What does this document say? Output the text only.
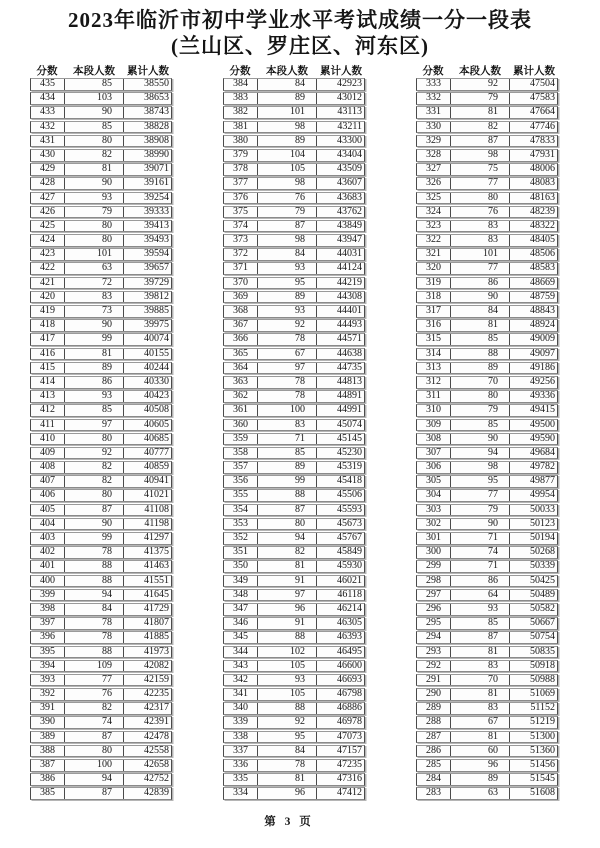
2023年临沂市初中学业水平考试成绩一分一段表
(兰山区、罗庄区、河东区)
分数	本段人数	累计人数
435	85	38550
434	103	38653
433	90	38743
432	85	38828
431	80	38908
430	82	38990
429	81	39071
428	90	39161
427	93	39254
426	79	39333
425	80	39413
424	80	39493
423	101	39594
422	63	39657
421	72	39729
420	83	39812
419	73	39885
418	90	39975
417	99	40074
416	81	40155
415	89	40244
414	86	40330
413	93	40423
412	85	40508
411	97	40605
410	80	40685
409	92	40777
408	82	40859
407	82	40941
406	80	41021
405	87	41108
404	90	41198
403	99	41297
402	78	41375
401	88	41463
400	88	41551
399	94	41645
398	84	41729
397	78	41807
396	78	41885
395	88	41973
394	109	42082
393	77	42159
392	76	42235
391	82	42317
390	74	42391
389	87	42478
388	80	42558
387	100	42658
386	94	42752
385	87	42839
分数	本段人数	累计人数
384	84	42923
383	89	43012
382	101	43113
381	98	43211
380	89	43300
379	104	43404
378	105	43509
377	98	43607
376	76	43683
375	79	43762
374	87	43849
373	98	43947
372	84	44031
371	93	44124
370	95	44219
369	89	44308
368	93	44401
367	92	44493
366	78	44571
365	67	44638
364	97	44735
363	78	44813
362	78	44891
361	100	44991
360	83	45074
359	71	45145
358	85	45230
357	89	45319
356	99	45418
355	88	45506
354	87	45593
353	80	45673
352	94	45767
351	82	45849
350	81	45930
349	91	46021
348	97	46118
347	96	46214
346	91	46305
345	88	46393
344	102	46495
343	105	46600
342	93	46693
341	105	46798
340	88	46886
339	92	46978
338	95	47073
337	84	47157
336	78	47235
335	81	47316
334	96	47412
分数	本段人数	累计人数
333	92	47504
332	79	47583
331	81	47664
330	82	47746
329	87	47833
328	98	47931
327	75	48006
326	77	48083
325	80	48163
324	76	48239
323	83	48322
322	83	48405
321	101	48506
320	77	48583
319	86	48669
318	90	48759
317	84	48843
316	81	48924
315	85	49009
314	88	49097
313	89	49186
312	70	49256
311	80	49336
310	79	49415
309	85	49500
308	90	49590
307	94	49684
306	98	49782
305	95	49877
304	77	49954
303	79	50033
302	90	50123
301	71	50194
300	74	50268
299	71	50339
298	86	50425
297	64	50489
296	93	50582
295	85	50667
294	87	50754
293	81	50835
292	83	50918
291	70	50988
290	81	51069
289	83	51152
288	67	51219
287	81	51300
286	60	51360
285	96	51456
284	89	51545
283	63	51608
第 3 页
